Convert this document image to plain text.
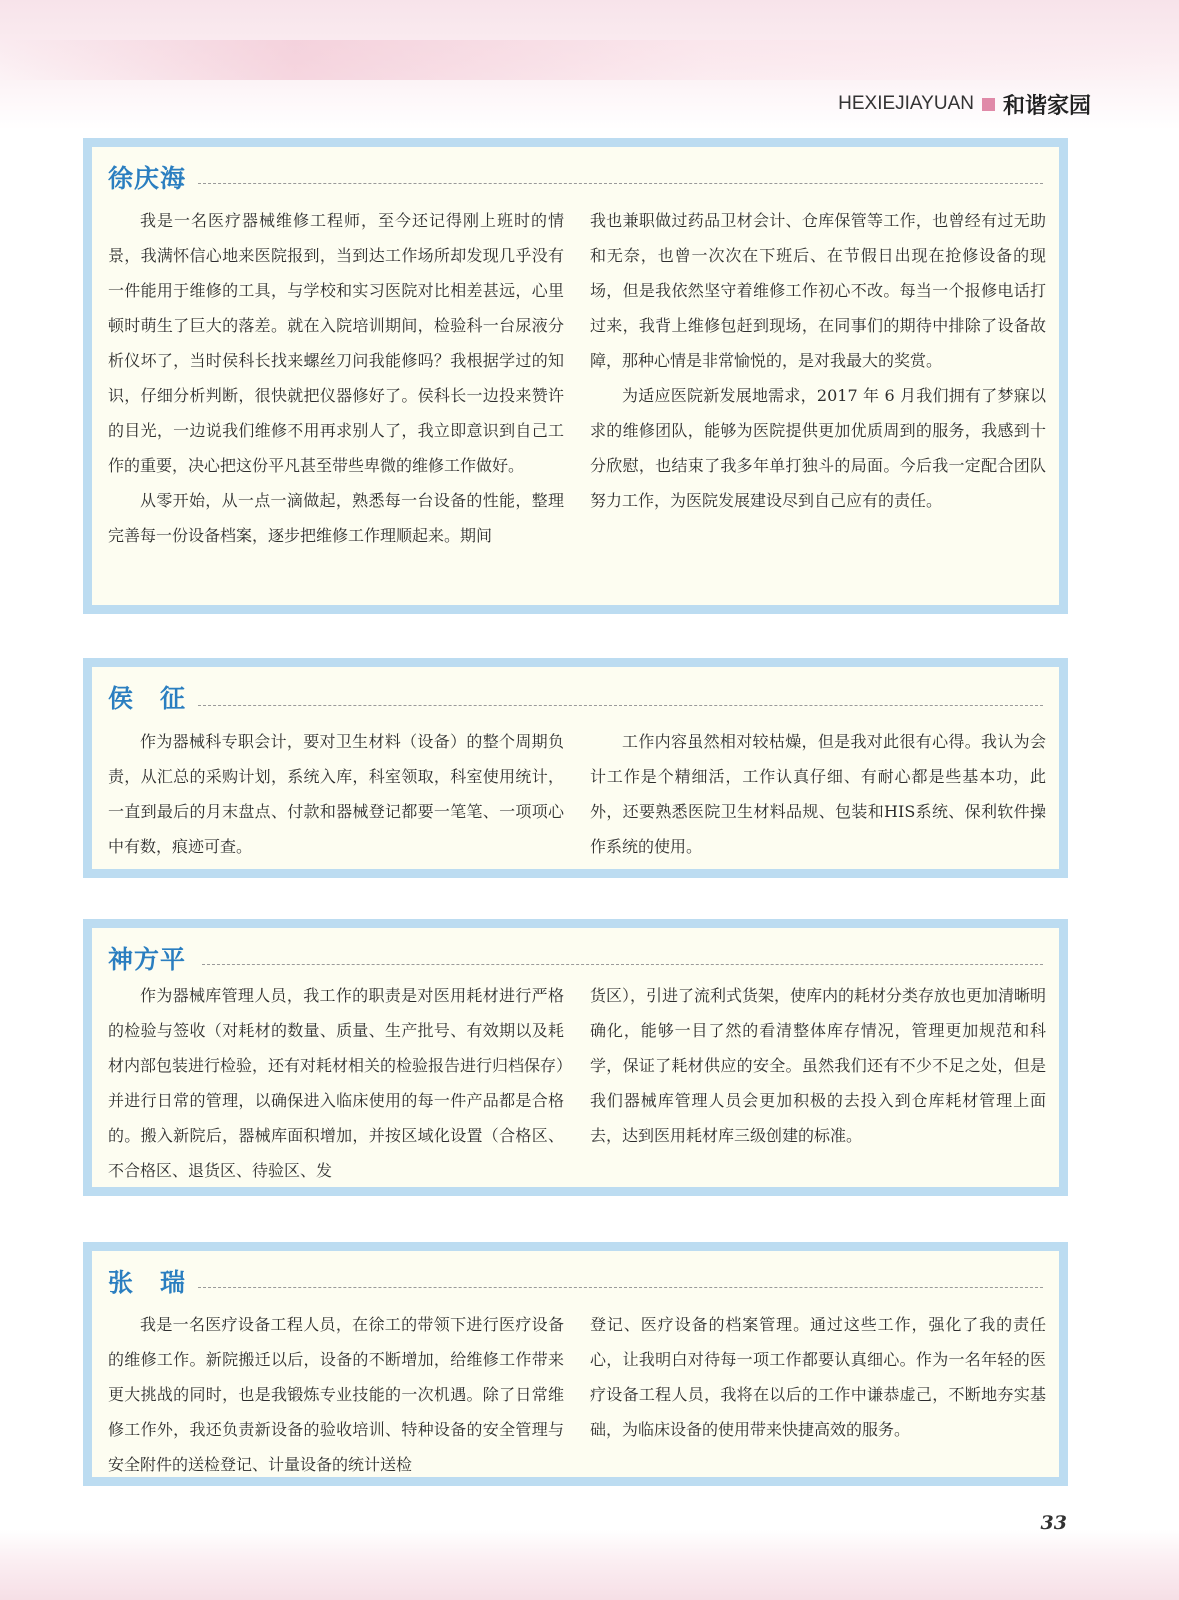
HEXIEJIAYUAN 和谐家园
徐庆海

我是一名医疗器械维修工程师，至今还记得刚上班时的情景，我满怀信心地来医院报到，当到达工作场所却发现几乎没有一件能用于维修的工具，与学校和实习医院对比相差甚远，心里顿时萌生了巨大的落差。就在入院培训期间，检验科一台尿液分析仪坏了，当时侯科长找来螺丝刀问我能修吗？我根据学过的知识，仔细分析判断，很快就把仪器修好了。侯科长一边投来赞许的目光，一边说我们维修不用再求别人了，我立即意识到自己工作的重要，决心把这份平凡甚至带些卑微的维修工作做好。

从零开始，从一点一滴做起，熟悉每一台设备的性能，整理完善每一份设备档案，逐步把维修工作理顺起来。期间

我也兼职做过药品卫材会计、仓库保管等工作，也曾经有过无助和无奈，也曾一次次在下班后、在节假日出现在抢修设备的现场，但是我依然坚守着维修工作初心不改。每当一个报修电话打过来，我背上维修包赶到现场，在同事们的期待中排除了设备故障，那种心情是非常愉悦的，是对我最大的奖赏。

为适应医院新发展地需求，2017 年 6 月我们拥有了梦寐以求的维修团队，能够为医院提供更加优质周到的服务，我感到十分欣慰，也结束了我多年单打独斗的局面。今后我一定配合团队努力工作，为医院发展建设尽到自己应有的责任。

侯　征

作为器械科专职会计，要对卫生材料（设备）的整个周期负责，从汇总的采购计划，系统入库，科室领取，科室使用统计，一直到最后的月末盘点、付款和器械登记都要一笔笔、一项项心中有数，痕迹可查。

工作内容虽然相对较枯燥，但是我对此很有心得。我认为会计工作是个精细活，工作认真仔细、有耐心都是些基本功，此外，还要熟悉医院卫生材料品规、包装和HIS系统、保利软件操作系统的使用。

神方平

作为器械库管理人员，我工作的职责是对医用耗材进行严格的检验与签收（对耗材的数量、质量、生产批号、有效期以及耗材内部包装进行检验，还有对耗材相关的检验报告进行归档保存）并进行日常的管理，以确保进入临床使用的每一件产品都是合格的。搬入新院后，器械库面积增加，并按区域化设置（合格区、不合格区、退货区、待验区、发

货区），引进了流利式货架，使库内的耗材分类存放也更加清晰明确化，能够一目了然的看清整体库存情况，管理更加规范和科学，保证了耗材供应的安全。虽然我们还有不少不足之处，但是我们器械库管理人员会更加积极的去投入到仓库耗材管理上面去，达到医用耗材库三级创建的标准。

张　瑞

我是一名医疗设备工程人员，在徐工的带领下进行医疗设备的维修工作。新院搬迁以后，设备的不断增加，给维修工作带来更大挑战的同时，也是我锻炼专业技能的一次机遇。除了日常维修工作外，我还负责新设备的验收培训、特种设备的安全管理与安全附件的送检登记、计量设备的统计送检

登记、医疗设备的档案管理。通过这些工作，强化了我的责任心，让我明白对待每一项工作都要认真细心。作为一名年轻的医疗设备工程人员，我将在以后的工作中谦恭虚己，不断地夯实基础，为临床设备的使用带来快捷高效的服务。

33
